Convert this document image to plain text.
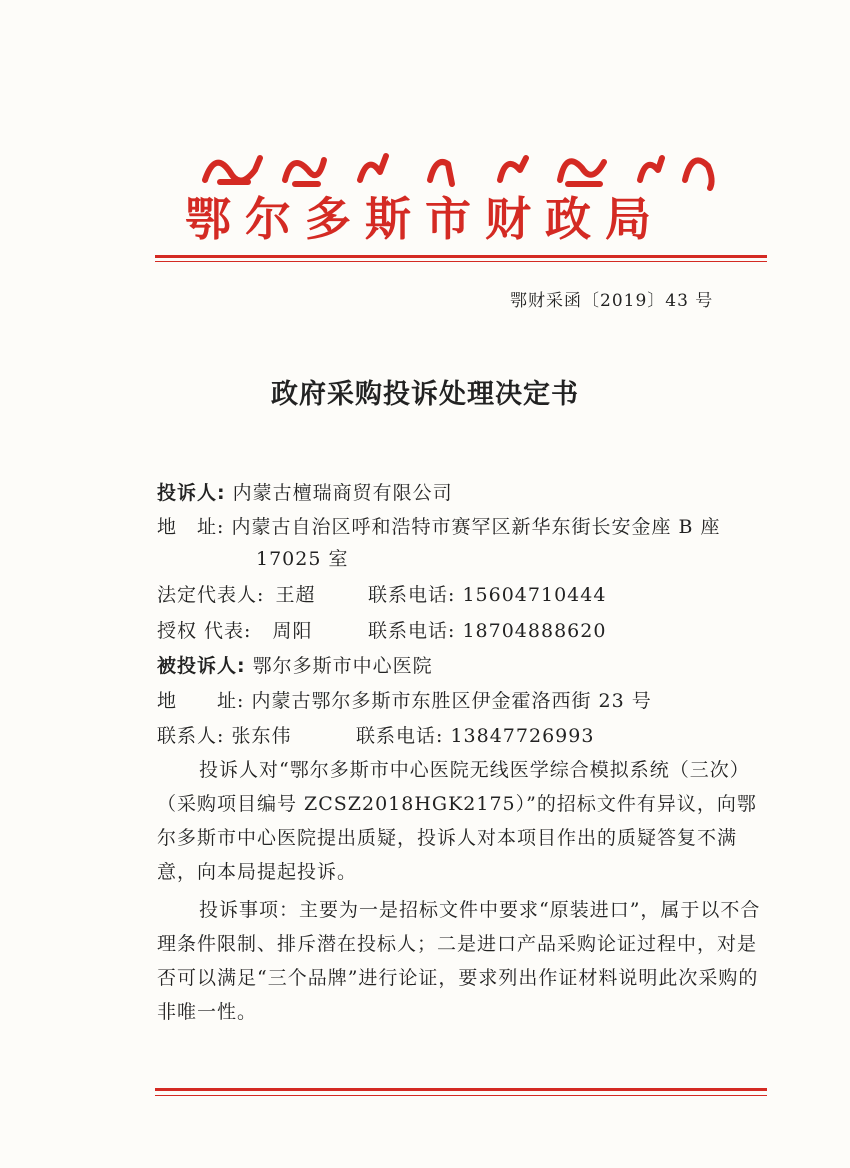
鄂尔多斯市财政局
鄂财采函〔2019〕43 号
政府采购投诉处理决定书
投诉人: 内蒙古檀瑞商贸有限公司
地　址: 内蒙古自治区呼和浩特市赛罕区新华东街长安金座 B 座
17025 室
法定代表人: 王超	联系电话: 15604710444
授权 代表: 周阳	联系电话: 18704888620
被投诉人: 鄂尔多斯市中心医院
地　　址: 内蒙古鄂尔多斯市东胜区伊金霍洛西街 23 号
联系人: 张东伟	联系电话: 13847726993
投诉人对“鄂尔多斯市中心医院无线医学综合模拟系统（三次）（采购项目编号 ZCSZ2018HGK2175）”的招标文件有异议，向鄂尔多斯市中心医院提出质疑，投诉人对本项目作出的质疑答复不满意，向本局提起投诉。
投诉事项：主要为一是招标文件中要求“原装进口”，属于以不合理条件限制、排斥潜在投标人；二是进口产品采购论证过程中，对是否可以满足“三个品牌”进行论证，要求列出作证材料说明此次采购的非唯一性。
